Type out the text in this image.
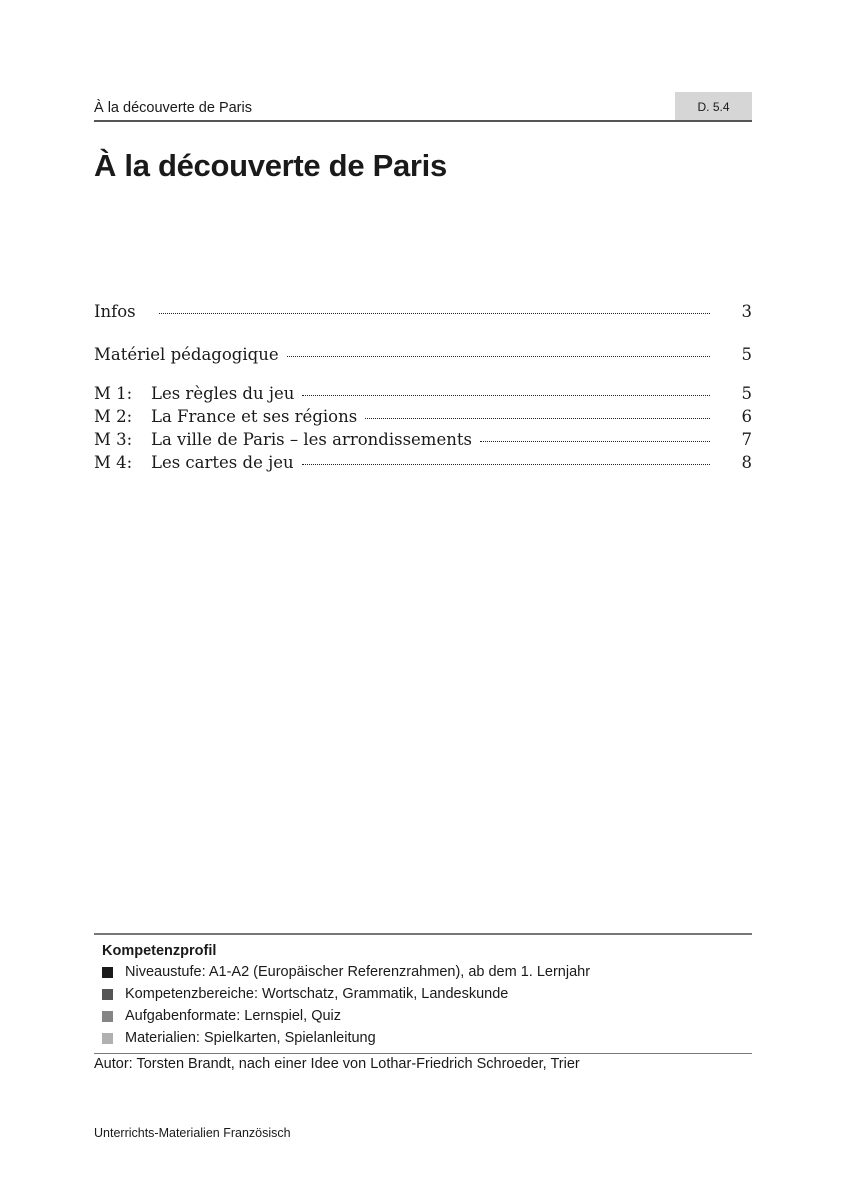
À la découverte de Paris	D. 5.4
À la découverte de Paris
Infos	3
Matériel pédagogique	5
M 1:	Les règles du jeu	5
M 2:	La France et ses régions	6
M 3:	La ville de Paris – les arrondissements	7
M 4:	Les cartes de jeu	8
Kompetenzprofil
Niveaustufe: A1-A2 (Europäischer Referenzrahmen), ab dem 1. Lernjahr
Kompetenzbereiche: Wortschatz, Grammatik, Landeskunde
Aufgabenformate: Lernspiel, Quiz
Materialien: Spielkarten, Spielanleitung
Autor: Torsten Brandt, nach einer Idee von Lothar-Friedrich Schroeder, Trier
Unterrichts-Materialien Französisch
